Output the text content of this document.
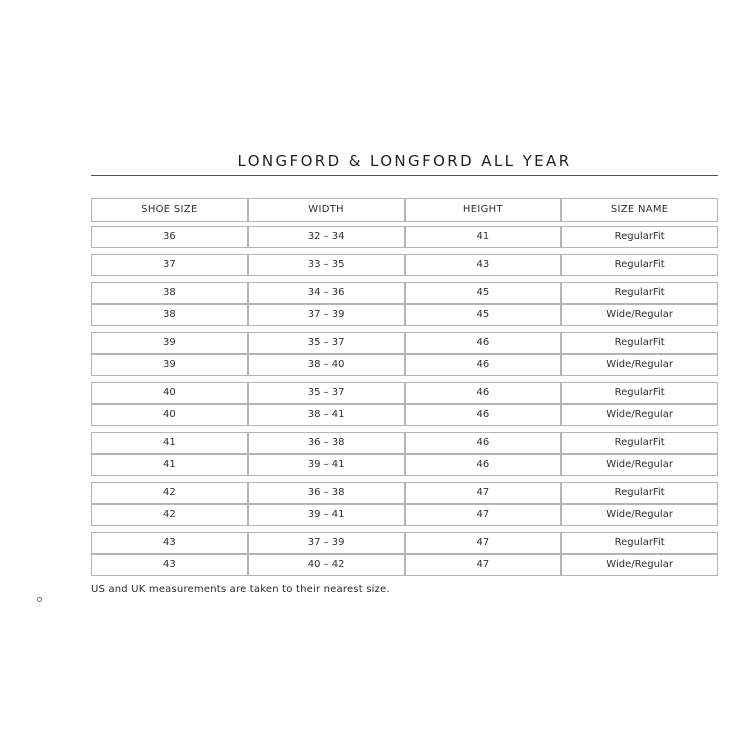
LONGFORD & LONGFORD ALL YEAR
SHOE SIZE	WIDTH	HEIGHT	SIZE NAME
36	32 – 34	41	RegularFit
37	33 – 35	43	RegularFit
38	34 – 36	45	RegularFit
38	37 – 39	45	Wide/Regular
39	35 – 37	46	RegularFit
39	38 – 40	46	Wide/Regular
40	35 – 37	46	RegularFit
40	38 – 41	46	Wide/Regular
41	36 – 38	46	RegularFit
41	39 – 41	46	Wide/Regular
42	36 – 38	47	RegularFit
42	39 – 41	47	Wide/Regular
43	37 – 39	47	RegularFit
43	40 – 42	47	Wide/Regular
US and UK measurements are taken to their nearest size.
